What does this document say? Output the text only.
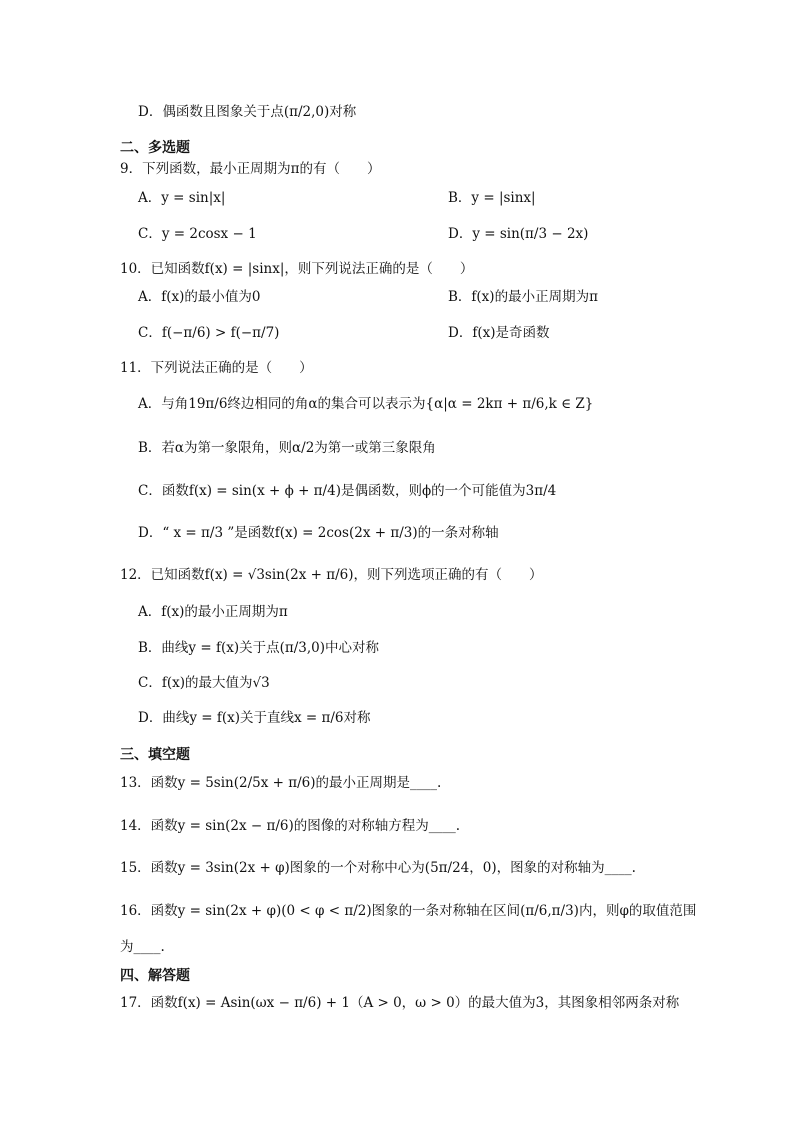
D．偶函数且图象关于点(π/2,0)对称
二、多选题
9．下列函数，最小正周期为π的有（　　）
A．y = sin|x|	B．y = |sinx|
C．y = 2cosx − 1	D．y = sin(π/3 − 2x)
10．已知函数f(x) = |sinx|，则下列说法正确的是（　　）
A．f(x)的最小值为0	B．f(x)的最小正周期为π
C．f(−π/6) > f(−π/7)	D．f(x)是奇函数
11．下列说法正确的是（　　）
A．与角19π/6终边相同的角α的集合可以表示为{α|α = 2kπ + π/6,k ∈ Z}
B．若α为第一象限角，则α/2为第一或第三象限角
C．函数f(x) = sin(x + ϕ + π/4)是偶函数，则ϕ的一个可能值为3π/4
D．“ x = π/3 ”是函数f(x) = 2cos(2x + π/3)的一条对称轴
12．已知函数f(x) = √3sin(2x + π/6)，则下列选项正确的有（　　）
A．f(x)的最小正周期为π
B．曲线y = f(x)关于点(π/3,0)中心对称
C．f(x)的最大值为√3
D．曲线y = f(x)关于直线x = π/6对称
三、填空题
13．函数y = 5sin(2/5x + π/6)的最小正周期是____.
14．函数y = sin(2x − π/6)的图像的对称轴方程为____.
15．函数y = 3sin(2x + φ)图象的一个对称中心为(5π/24，0)，图象的对称轴为____.
16．函数y = sin(2x + φ)(0 < φ < π/2)图象的一条对称轴在区间(π/6,π/3)内，则φ的取值范围
为____.
四、解答题
17．函数f(x) = Asin(ωx − π/6) + 1（A > 0，ω > 0）的最大值为3，其图象相邻两条对称
